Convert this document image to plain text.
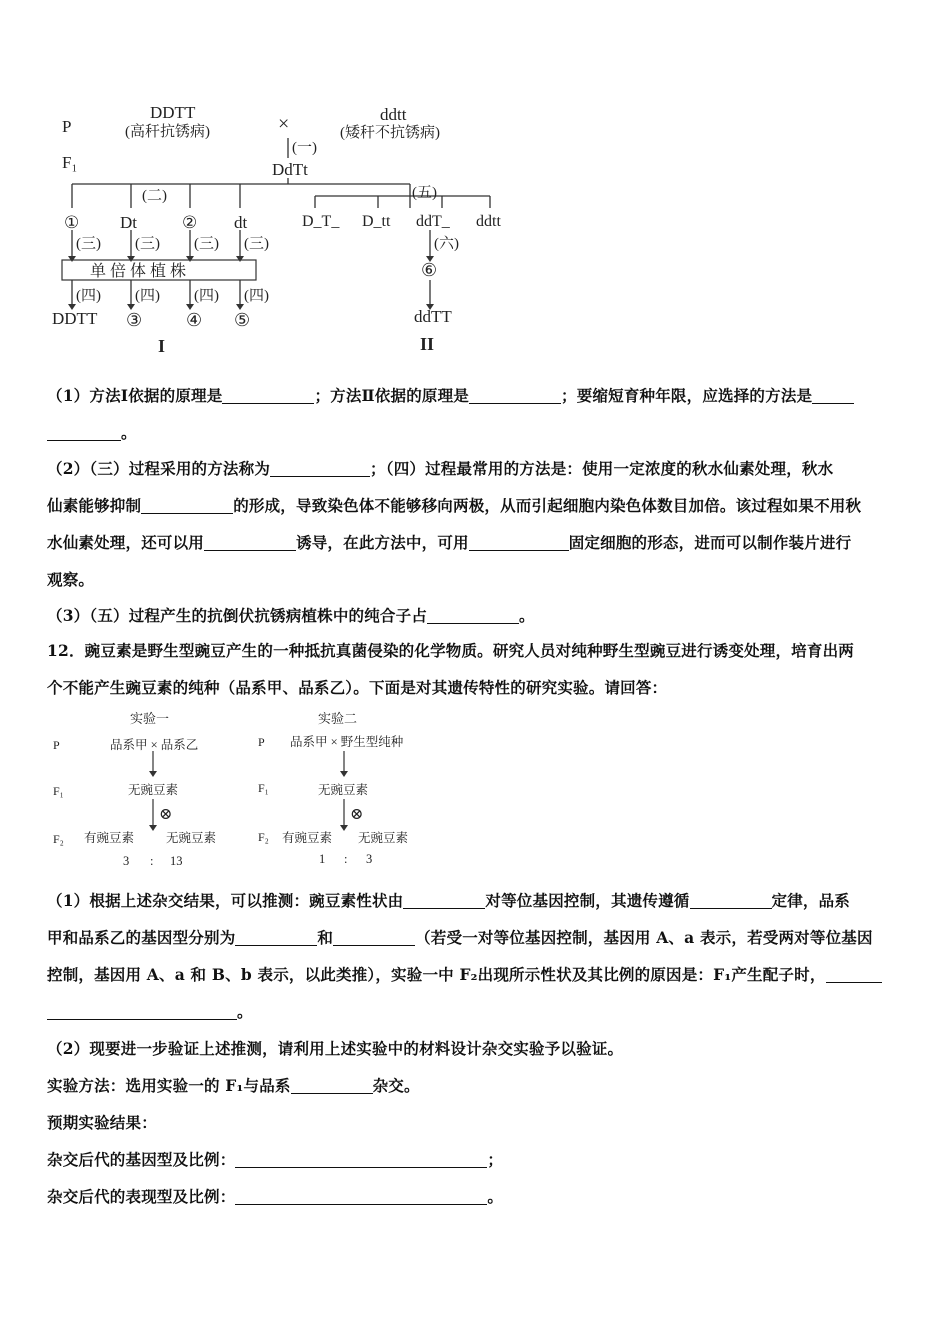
P
F₁
DDTT
(高秆抗锈病)	×	ddtt
(矮秆不抗锈病)
(一)
DdTt
(二)	(五)
① Dt	② dt	D_T_ D_tt ddT_ ddtt
(三) (三) (三) (三)
单 倍 体 植 株
(六)
⑥
(四) (四) (四) (四)
DDTT ③ ④ ⑤	ddTT
I	II
（1）方法Ⅰ依据的原理是	；方法Ⅱ依据的原理是	；要缩短育种年限，应选择的方法是
。
（2）（三）过程采用的方法称为	；（四）过程最常用的方法是：使用一定浓度的秋水仙素处理，秋水
仙素能够抑制	的形成，导致染色体不能够移向两极，从而引起细胞内染色体数目加倍。该过程如果不用秋
水仙素处理，还可以用	诱导，在此方法中，可用	固定细胞的形态，进而可以制作装片进行
观察。
（3）（五）过程产生的抗倒伏抗锈病植株中的纯合子占	。
12．豌豆素是野生型豌豆产生的一种抵抗真菌侵染的化学物质。研究人员对纯种野生型豌豆进行诱变处理，培育出两
个不能产生豌豆素的纯种（品系甲、品系乙）。下面是对其遗传特性的研究实验。请回答：
实验一	实验二
P	P
品系甲 × 品系乙	品系甲 × 野生型纯种
F₁	F₁
无豌豆素	无豌豆素
⊗	⊗
F₂	F₂
有豌豆素	无豌豆素	有豌豆素 无豌豆素
3 : 13	1 : 3
（1）根据上述杂交结果，可以推测：豌豆素性状由	对等位基因控制，其遗传遵循	定律，品系
甲和品系乙的基因型分别为	和	（若受一对等位基因控制，基因用 A、a 表示，若受两对等位基因
控制，基因用 A、a 和 B、b 表示，以此类推），实验一中 F₂出现所示性状及其比例的原因是：F₁产生配子时，
。
（2）现要进一步验证上述推测，请利用上述实验中的材料设计杂交实验予以验证。
实验方法：选用实验一的 F₁与品系	杂交。
预期实验结果：
杂交后代的基因型及比例：	；
杂交后代的表现型及比例：	。
